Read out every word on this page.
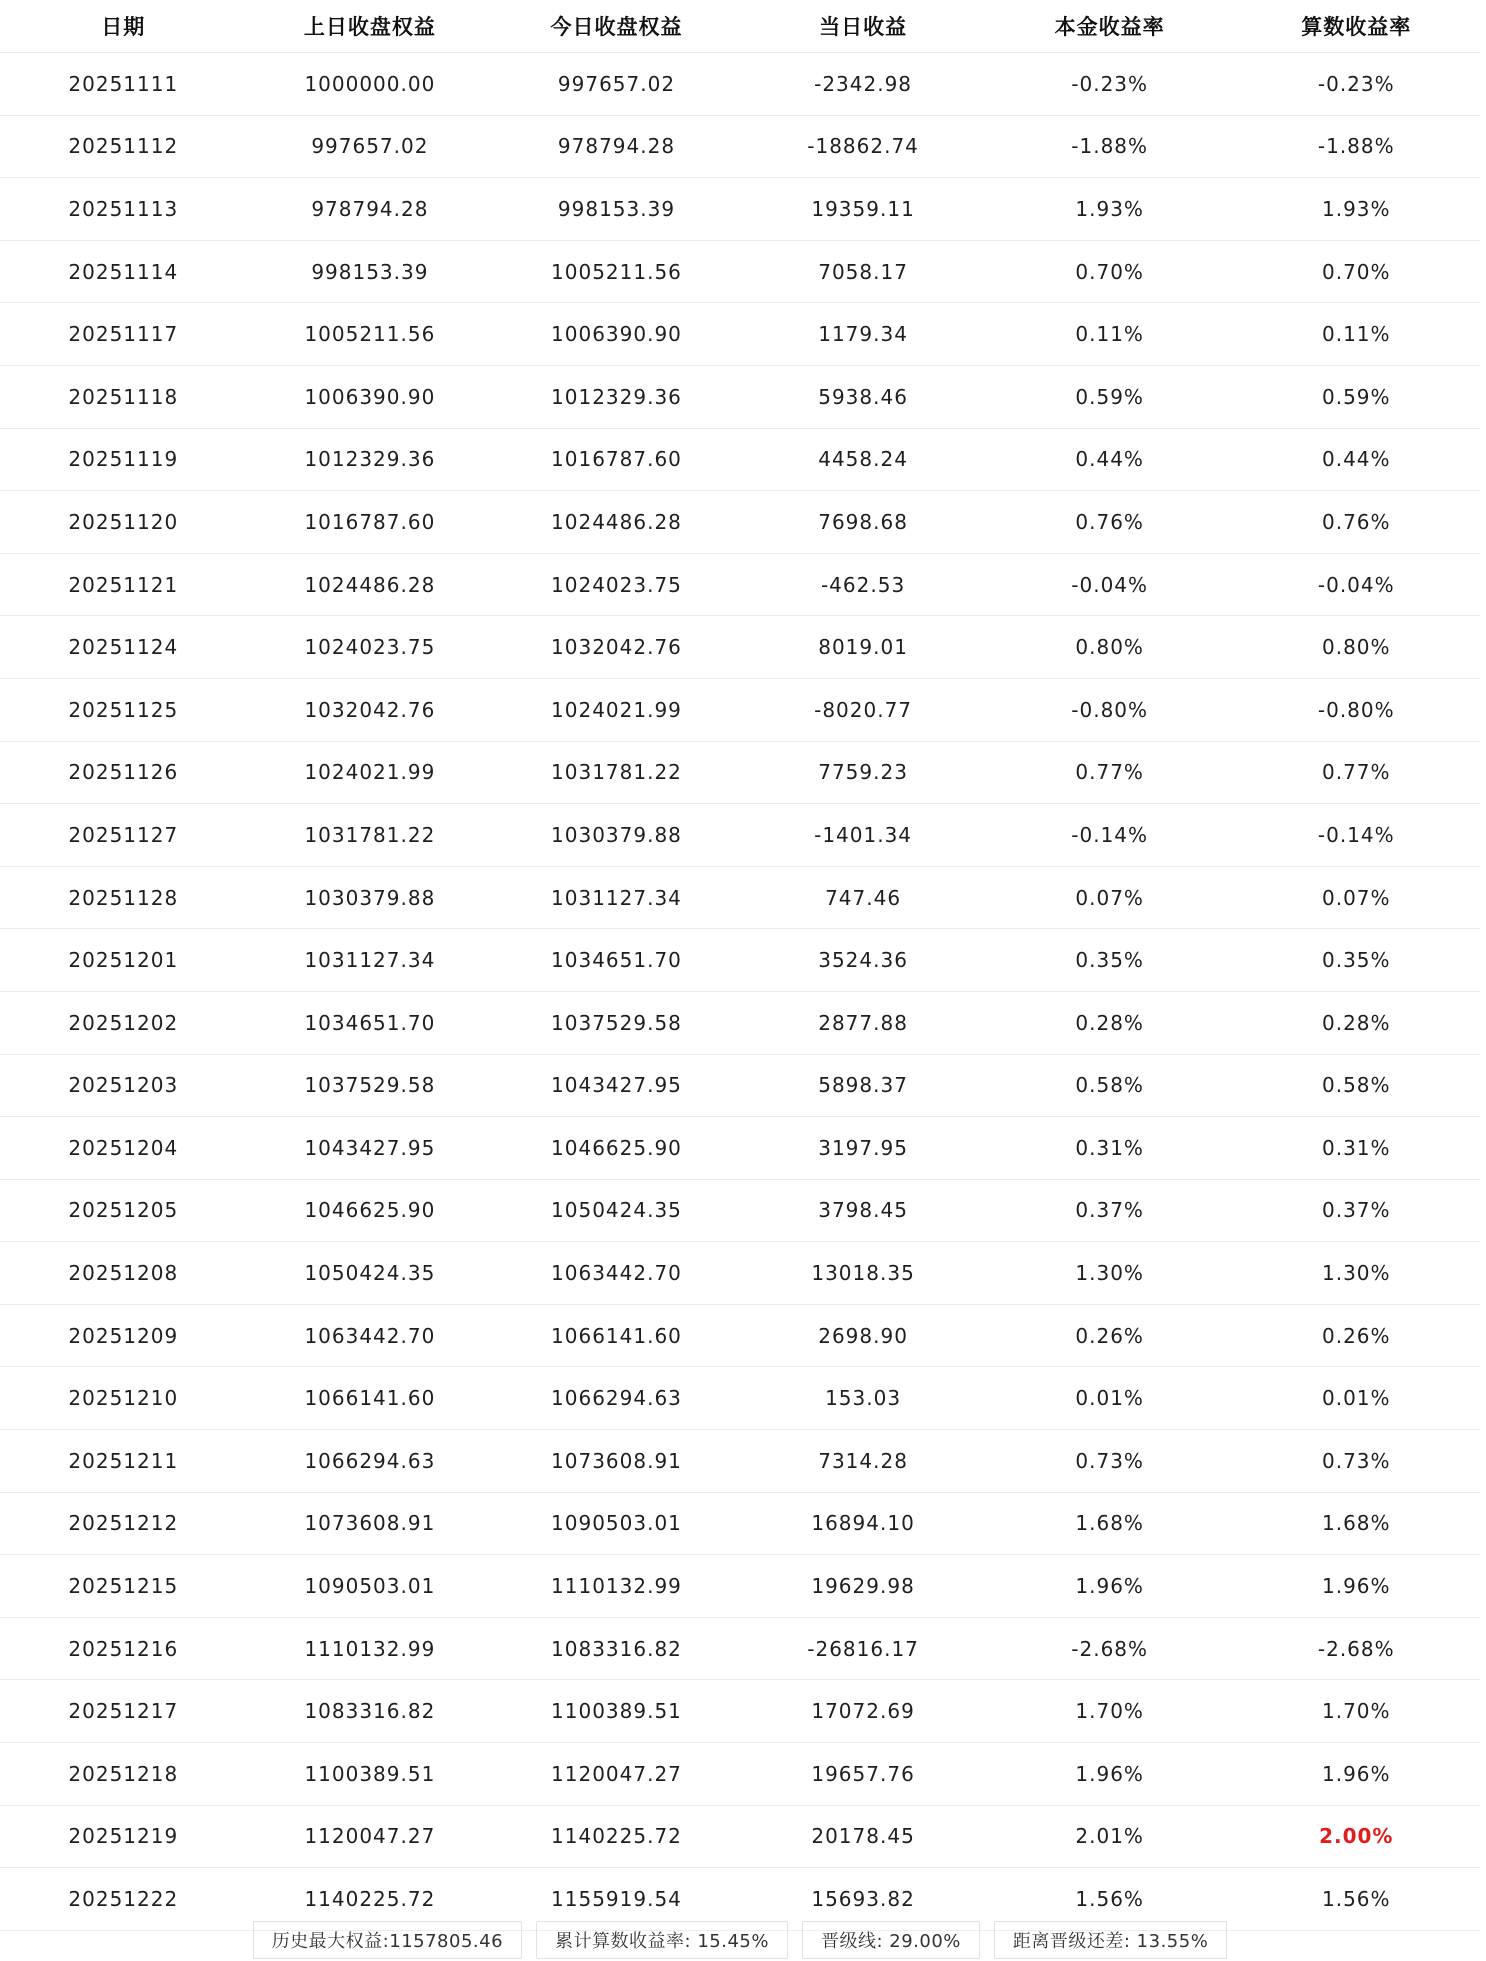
日期	上日收盘权益	今日收盘权益	当日收益	本金收益率	算数收益率
20251111	1000000.00	997657.02	-2342.98	-0.23%	-0.23%
20251112	997657.02	978794.28	-18862.74	-1.88%	-1.88%
20251113	978794.28	998153.39	19359.11	1.93%	1.93%
20251114	998153.39	1005211.56	7058.17	0.70%	0.70%
20251117	1005211.56	1006390.90	1179.34	0.11%	0.11%
20251118	1006390.90	1012329.36	5938.46	0.59%	0.59%
20251119	1012329.36	1016787.60	4458.24	0.44%	0.44%
20251120	1016787.60	1024486.28	7698.68	0.76%	0.76%
20251121	1024486.28	1024023.75	-462.53	-0.04%	-0.04%
20251124	1024023.75	1032042.76	8019.01	0.80%	0.80%
20251125	1032042.76	1024021.99	-8020.77	-0.80%	-0.80%
20251126	1024021.99	1031781.22	7759.23	0.77%	0.77%
20251127	1031781.22	1030379.88	-1401.34	-0.14%	-0.14%
20251128	1030379.88	1031127.34	747.46	0.07%	0.07%
20251201	1031127.34	1034651.70	3524.36	0.35%	0.35%
20251202	1034651.70	1037529.58	2877.88	0.28%	0.28%
20251203	1037529.58	1043427.95	5898.37	0.58%	0.58%
20251204	1043427.95	1046625.90	3197.95	0.31%	0.31%
20251205	1046625.90	1050424.35	3798.45	0.37%	0.37%
20251208	1050424.35	1063442.70	13018.35	1.30%	1.30%
20251209	1063442.70	1066141.60	2698.90	0.26%	0.26%
20251210	1066141.60	1066294.63	153.03	0.01%	0.01%
20251211	1066294.63	1073608.91	7314.28	0.73%	0.73%
20251212	1073608.91	1090503.01	16894.10	1.68%	1.68%
20251215	1090503.01	1110132.99	19629.98	1.96%	1.96%
20251216	1110132.99	1083316.82	-26816.17	-2.68%	-2.68%
20251217	1083316.82	1100389.51	17072.69	1.70%	1.70%
20251218	1100389.51	1120047.27	19657.76	1.96%	1.96%
20251219	1120047.27	1140225.72	20178.45	2.01%	2.00%
20251222	1140225.72	1155919.54	15693.82	1.56%	1.56%
历史最大权益:1157805.46	累计算数收益率: 15.45%	晋级线: 29.00%	距离晋级还差: 13.55%
